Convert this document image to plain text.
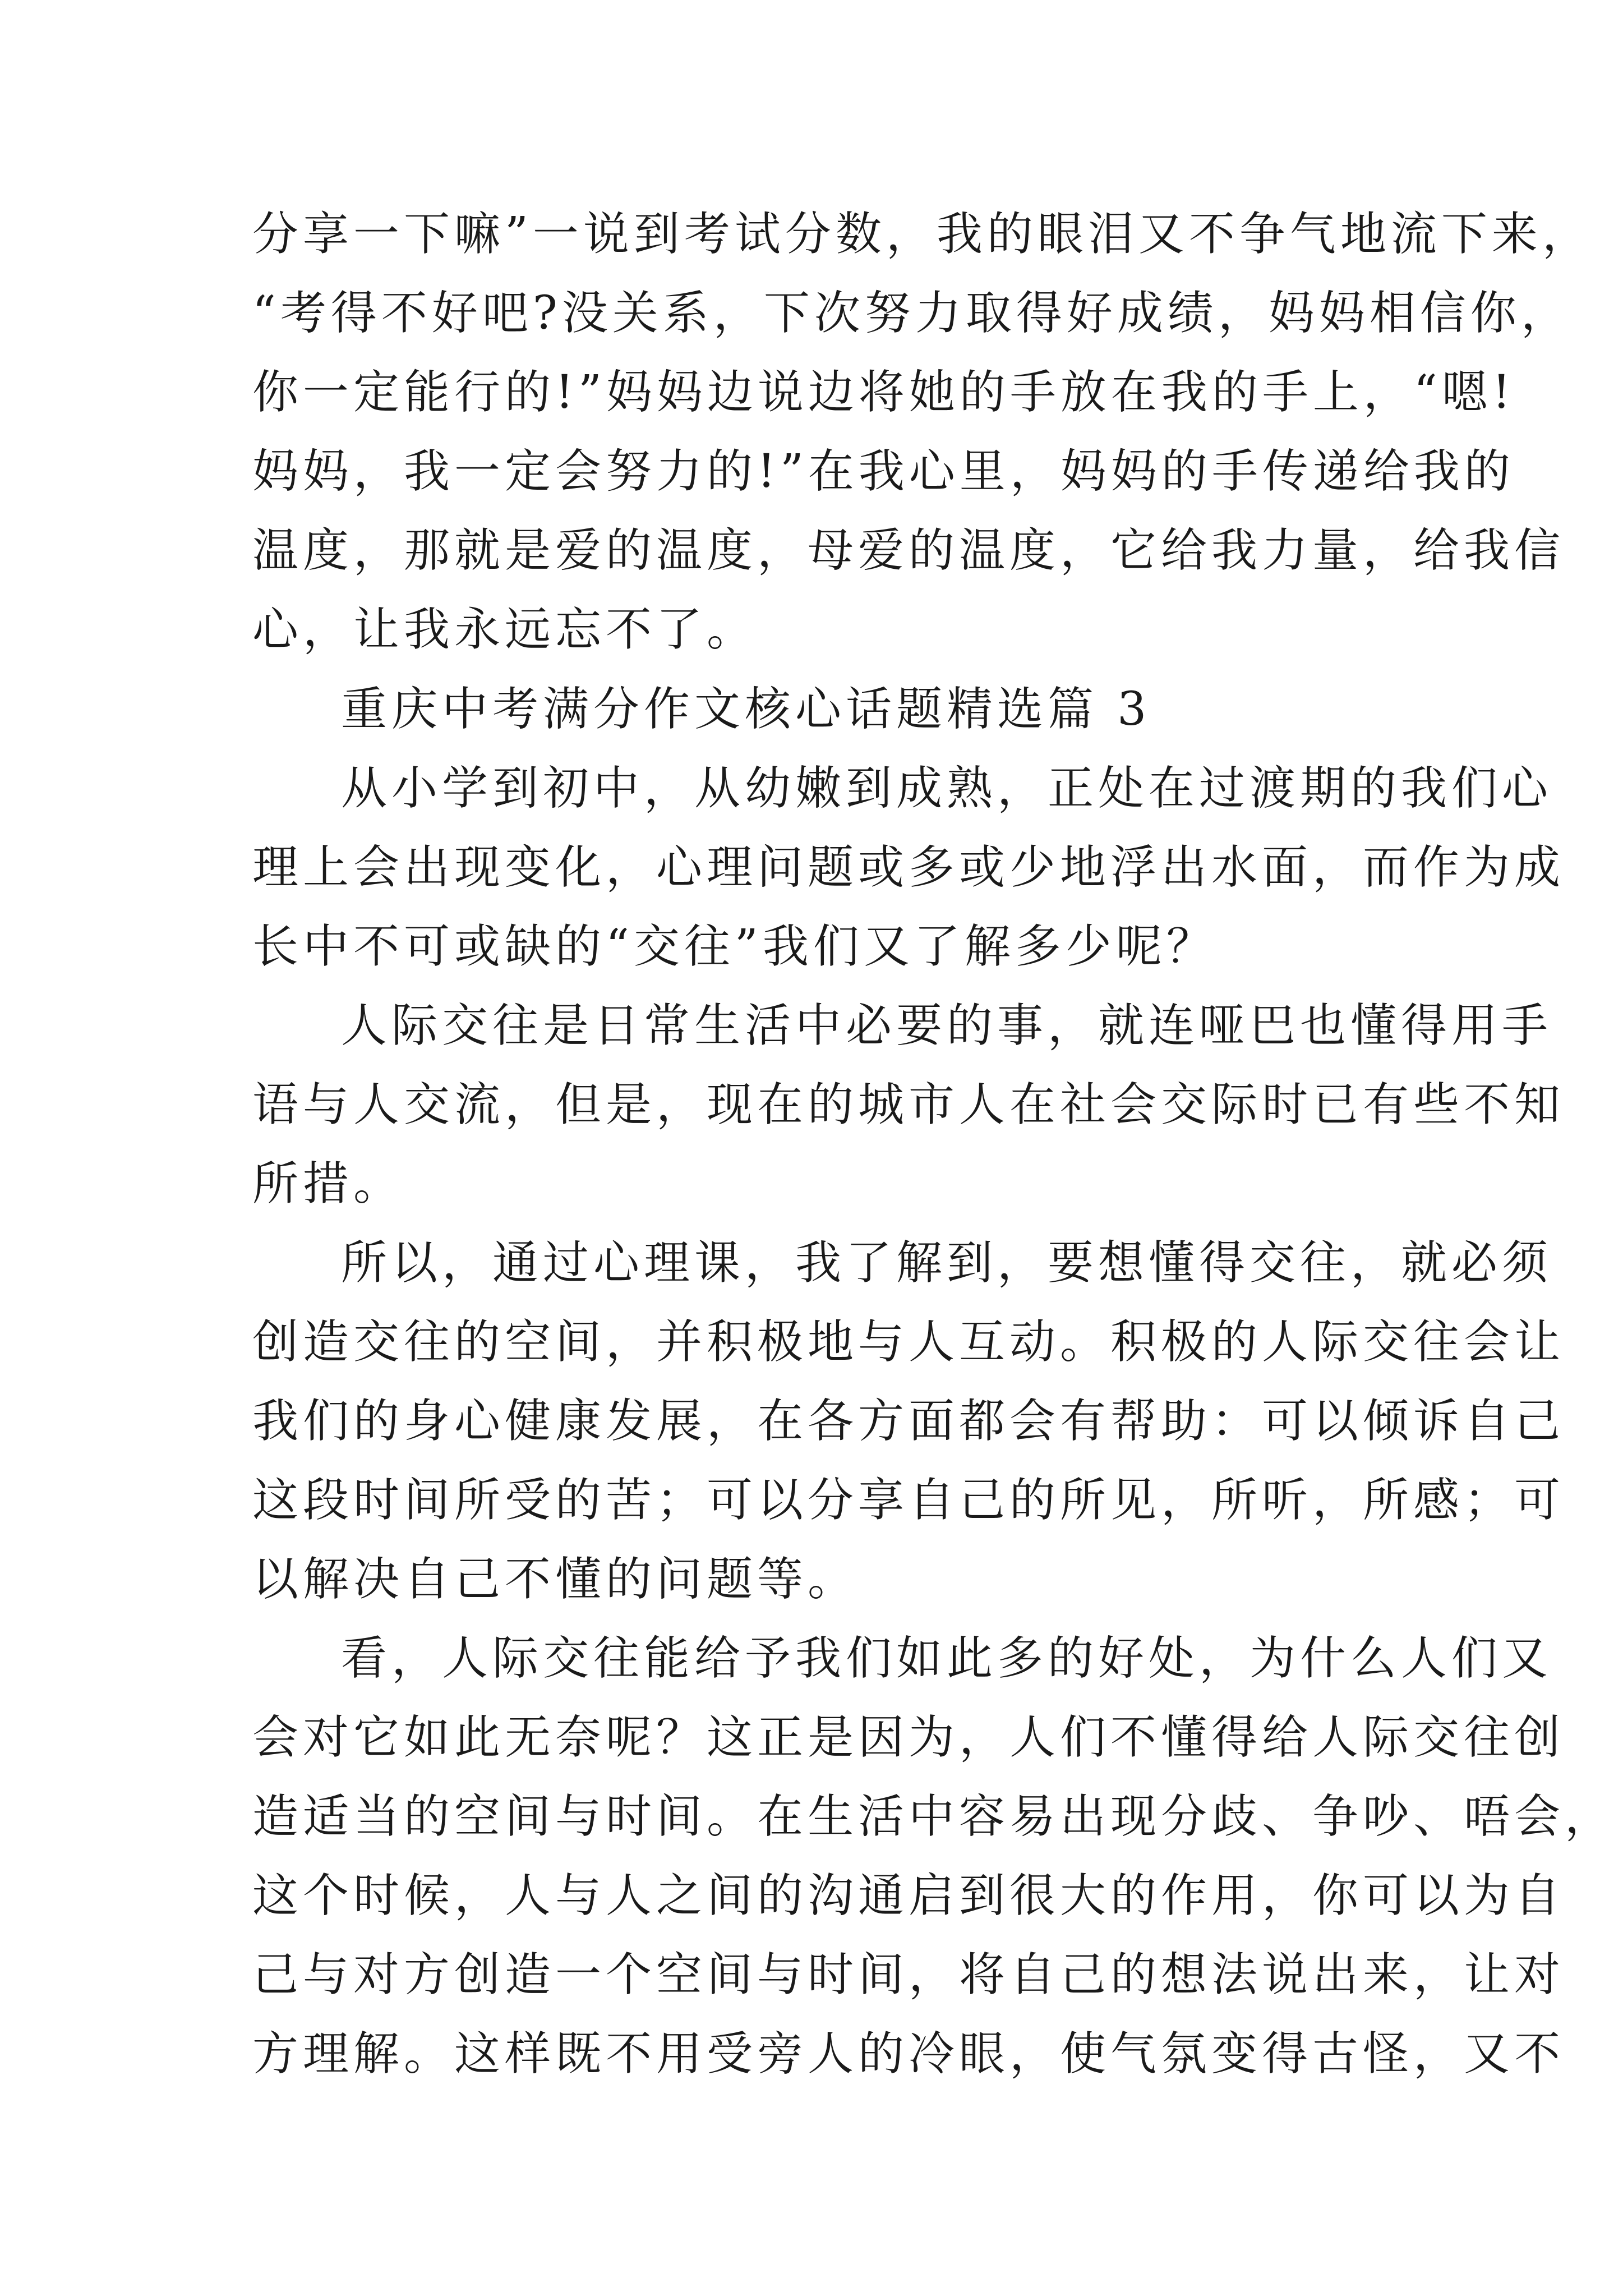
分享一下嘛”一说到考试分数，我的眼泪又不争气地流下来，
“考得不好吧?没关系，下次努力取得好成绩，妈妈相信你，
你一定能行的!”妈妈边说边将她的手放在我的手上，“嗯!
妈妈，我一定会努力的!”在我心里，妈妈的手传递给我的
温度，那就是爱的温度，母爱的温度，它给我力量，给我信
心，让我永远忘不了。
重庆中考满分作文核心话题精选篇 3
从小学到初中，从幼嫩到成熟，正处在过渡期的我们心
理上会出现变化，心理问题或多或少地浮出水面，而作为成
长中不可或缺的“交往”我们又了解多少呢？
人际交往是日常生活中必要的事，就连哑巴也懂得用手
语与人交流，但是，现在的城市人在社会交际时已有些不知
所措。
所以，通过心理课，我了解到，要想懂得交往，就必须
创造交往的空间，并积极地与人互动。积极的人际交往会让
我们的身心健康发展，在各方面都会有帮助：可以倾诉自己
这段时间所受的苦；可以分享自己的所见，所听，所感；可
以解决自己不懂的问题等。
看，人际交往能给予我们如此多的好处，为什么人们又
会对它如此无奈呢？这正是因为，人们不懂得给人际交往创
造适当的空间与时间。在生活中容易出现分歧、争吵、唔会，
这个时候，人与人之间的沟通启到很大的作用，你可以为自
己与对方创造一个空间与时间，将自己的想法说出来，让对
方理解。这样既不用受旁人的冷眼，使气氛变得古怪，又不
